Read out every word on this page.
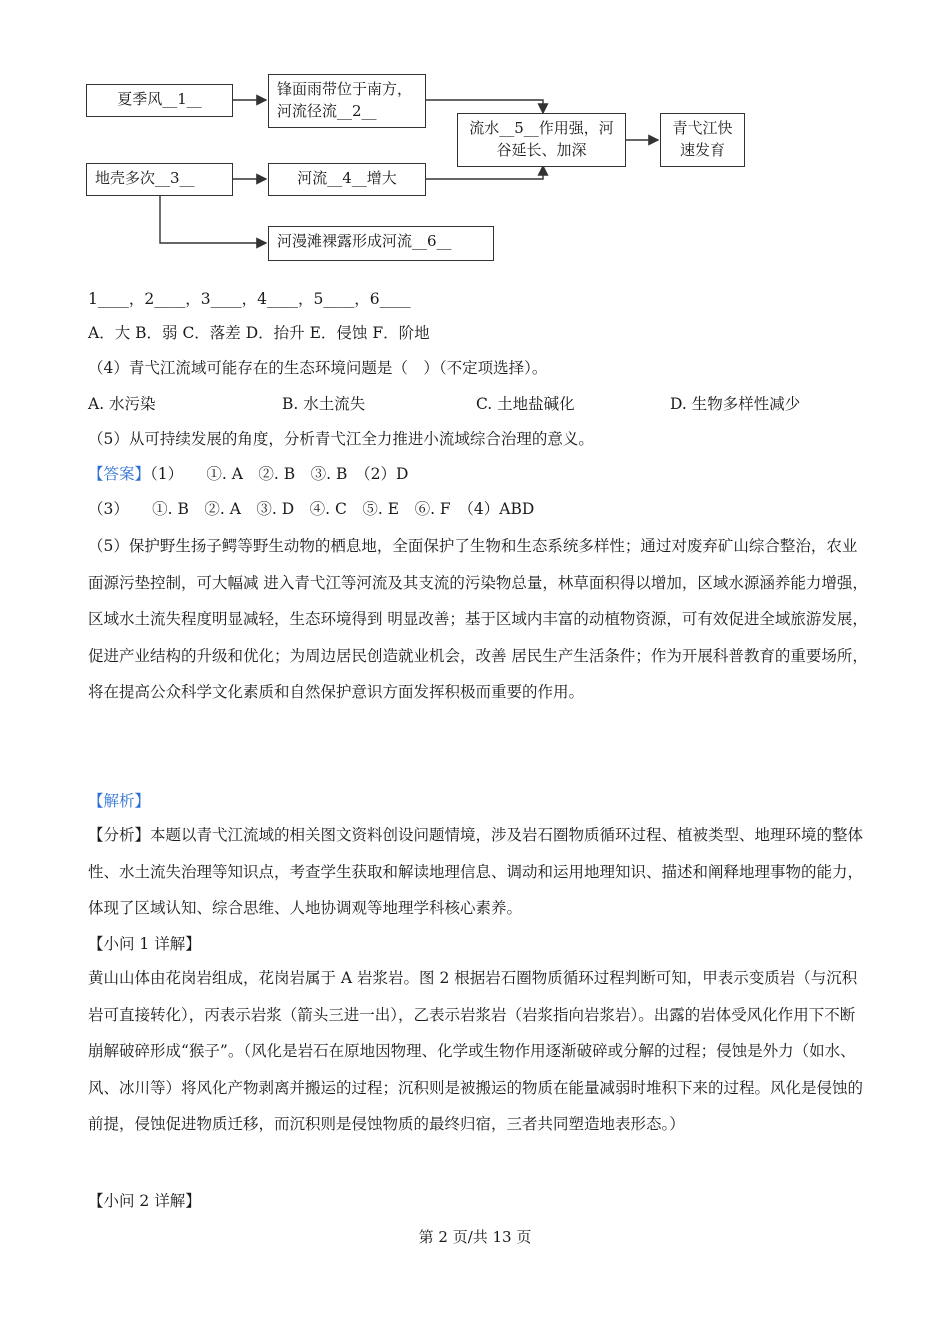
夏季风__1__
锋面雨带位于南方，河流径流__2__
地壳多次__3__	河流__4__增大
流水__5__作用强，河谷延长、加深
青弋江快速发育
河漫滩裸露形成河流__6__
1____，2____，3____，4____，5____，6____
A．大 B．弱 C．落差 D．抬升 E．侵蚀 F．阶地
（4）青弋江流域可能存在的生态环境问题是（　）（不定项选择）。
A. 水污染	B. 水土流失	C. 土地盐碱化	D. 生物多样性减少
（5）从可持续发展的角度，分析青弋江全力推进小流域综合治理的意义。
【答案】（1）　　①. A　②. B　③. B　（2）D
（3）　　①. B　②. A　③. D　④. C　⑤. E　⑥. F　（4）ABD

（5）保护野生扬子鳄等野生动物的栖息地，全面保护了生物和生态系统多样性；通过对废弃矿山综合整治，农业面源污垫控制，可大幅减 进入青弋江等河流及其支流的污染物总量，林草面积得以增加，区域水源涵养能力增强，区域水土流失程度明显减轻，生态环境得到 明显改善；基于区域内丰富的动植物资源，可有效促进全域旅游发展，促进产业结构的升级和优化；为周边居民创造就业机会，改善 居民生产生活条件；作为开展科普教育的重要场所，将在提高公众科学文化素质和自然保护意识方面发挥积极而重要的作用。

【解析】

【分析】本题以青弋江流域的相关图文资料创设问题情境，涉及岩石圈物质循环过程、植被类型、地理环境的整体性、水土流失治理等知识点，考查学生获取和解读地理信息、调动和运用地理知识、描述和阐释地理事物的能力，体现了区域认知、综合思维、人地协调观等地理学科核心素养。

【小问 1 详解】

黄山山体由花岗岩组成，花岗岩属于 A 岩浆岩。图 2 根据岩石圈物质循环过程判断可知，甲表示变质岩（与沉积岩可直接转化），丙表示岩浆（箭头三进一出），乙表示岩浆岩（岩浆指向岩浆岩）。出露的岩体受风化作用下不断崩解破碎形成“猴子”。（风化是岩石在原地因物理、化学或生物作用逐渐破碎或分解的过程；侵蚀是外力（如水、风、冰川等）将风化产物剥离并搬运的过程；沉积则是被搬运的物质在能量减弱时堆积下来的过程。风化是侵蚀的前提，侵蚀促进物质迁移，而沉积则是侵蚀物质的最终归宿，三者共同塑造地表形态。）

【小问 2 详解】
第 2 页/共 13 页
